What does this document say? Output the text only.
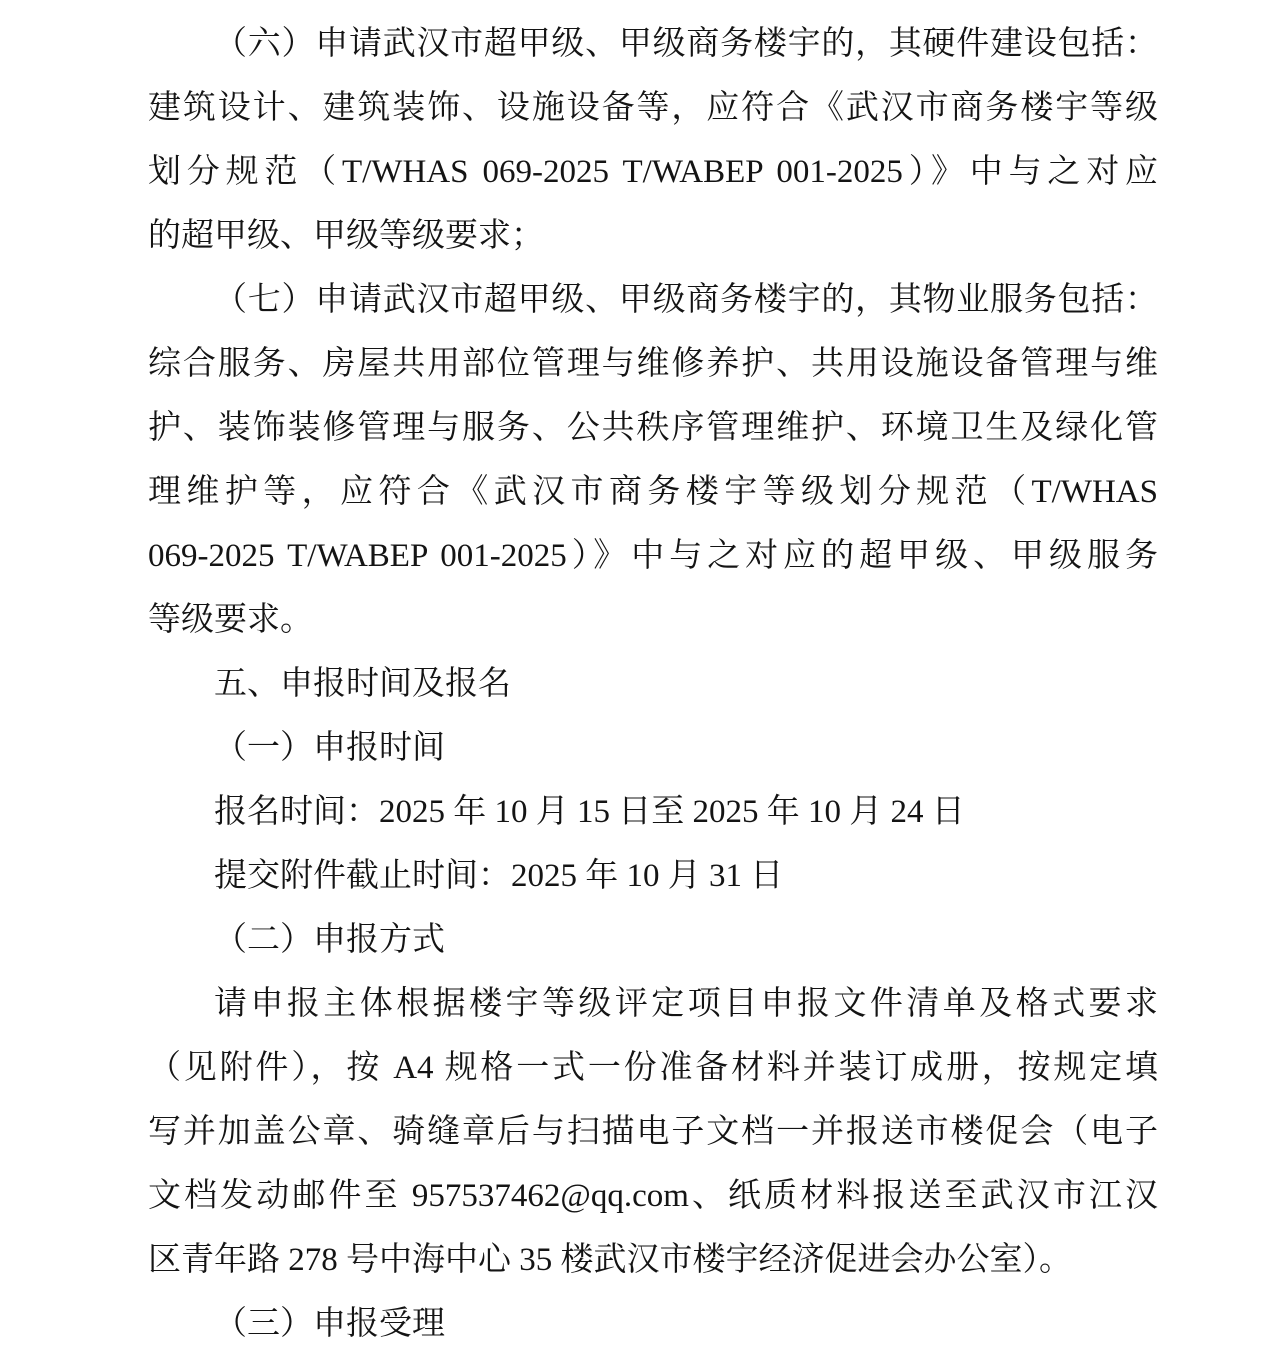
（六）申请武汉市超甲级、甲级商务楼宇的，其硬件建设包括：
建筑设计、建筑装饰、设施设备等，应符合《武汉市商务楼宇等级
划分规范（T/WHAS 069-2025 T/WABEP 001-2025）》中与之对应
的超甲级、甲级等级要求；
（七）申请武汉市超甲级、甲级商务楼宇的，其物业服务包括：
综合服务、房屋共用部位管理与维修养护、共用设施设备管理与维
护、装饰装修管理与服务、公共秩序管理维护、环境卫生及绿化管
理维护等，应符合《武汉市商务楼宇等级划分规范（T/WHAS
069-2025 T/WABEP 001-2025）》中与之对应的超甲级、甲级服务
等级要求。
五、申报时间及报名
（一）申报时间
报名时间：2025 年 10 月 15 日至 2025 年 10 月 24 日
提交附件截止时间：2025 年 10 月 31 日
（二）申报方式
请申报主体根据楼宇等级评定项目申报文件清单及格式要求
（见附件），按 A4 规格一式一份准备材料并装订成册，按规定填
写并加盖公章、骑缝章后与扫描电子文档一并报送市楼促会（电子
文档发动邮件至 957537462@qq.com、纸质材料报送至武汉市江汉
区青年路 278 号中海中心 35 楼武汉市楼宇经济促进会办公室）。
（三）申报受理
